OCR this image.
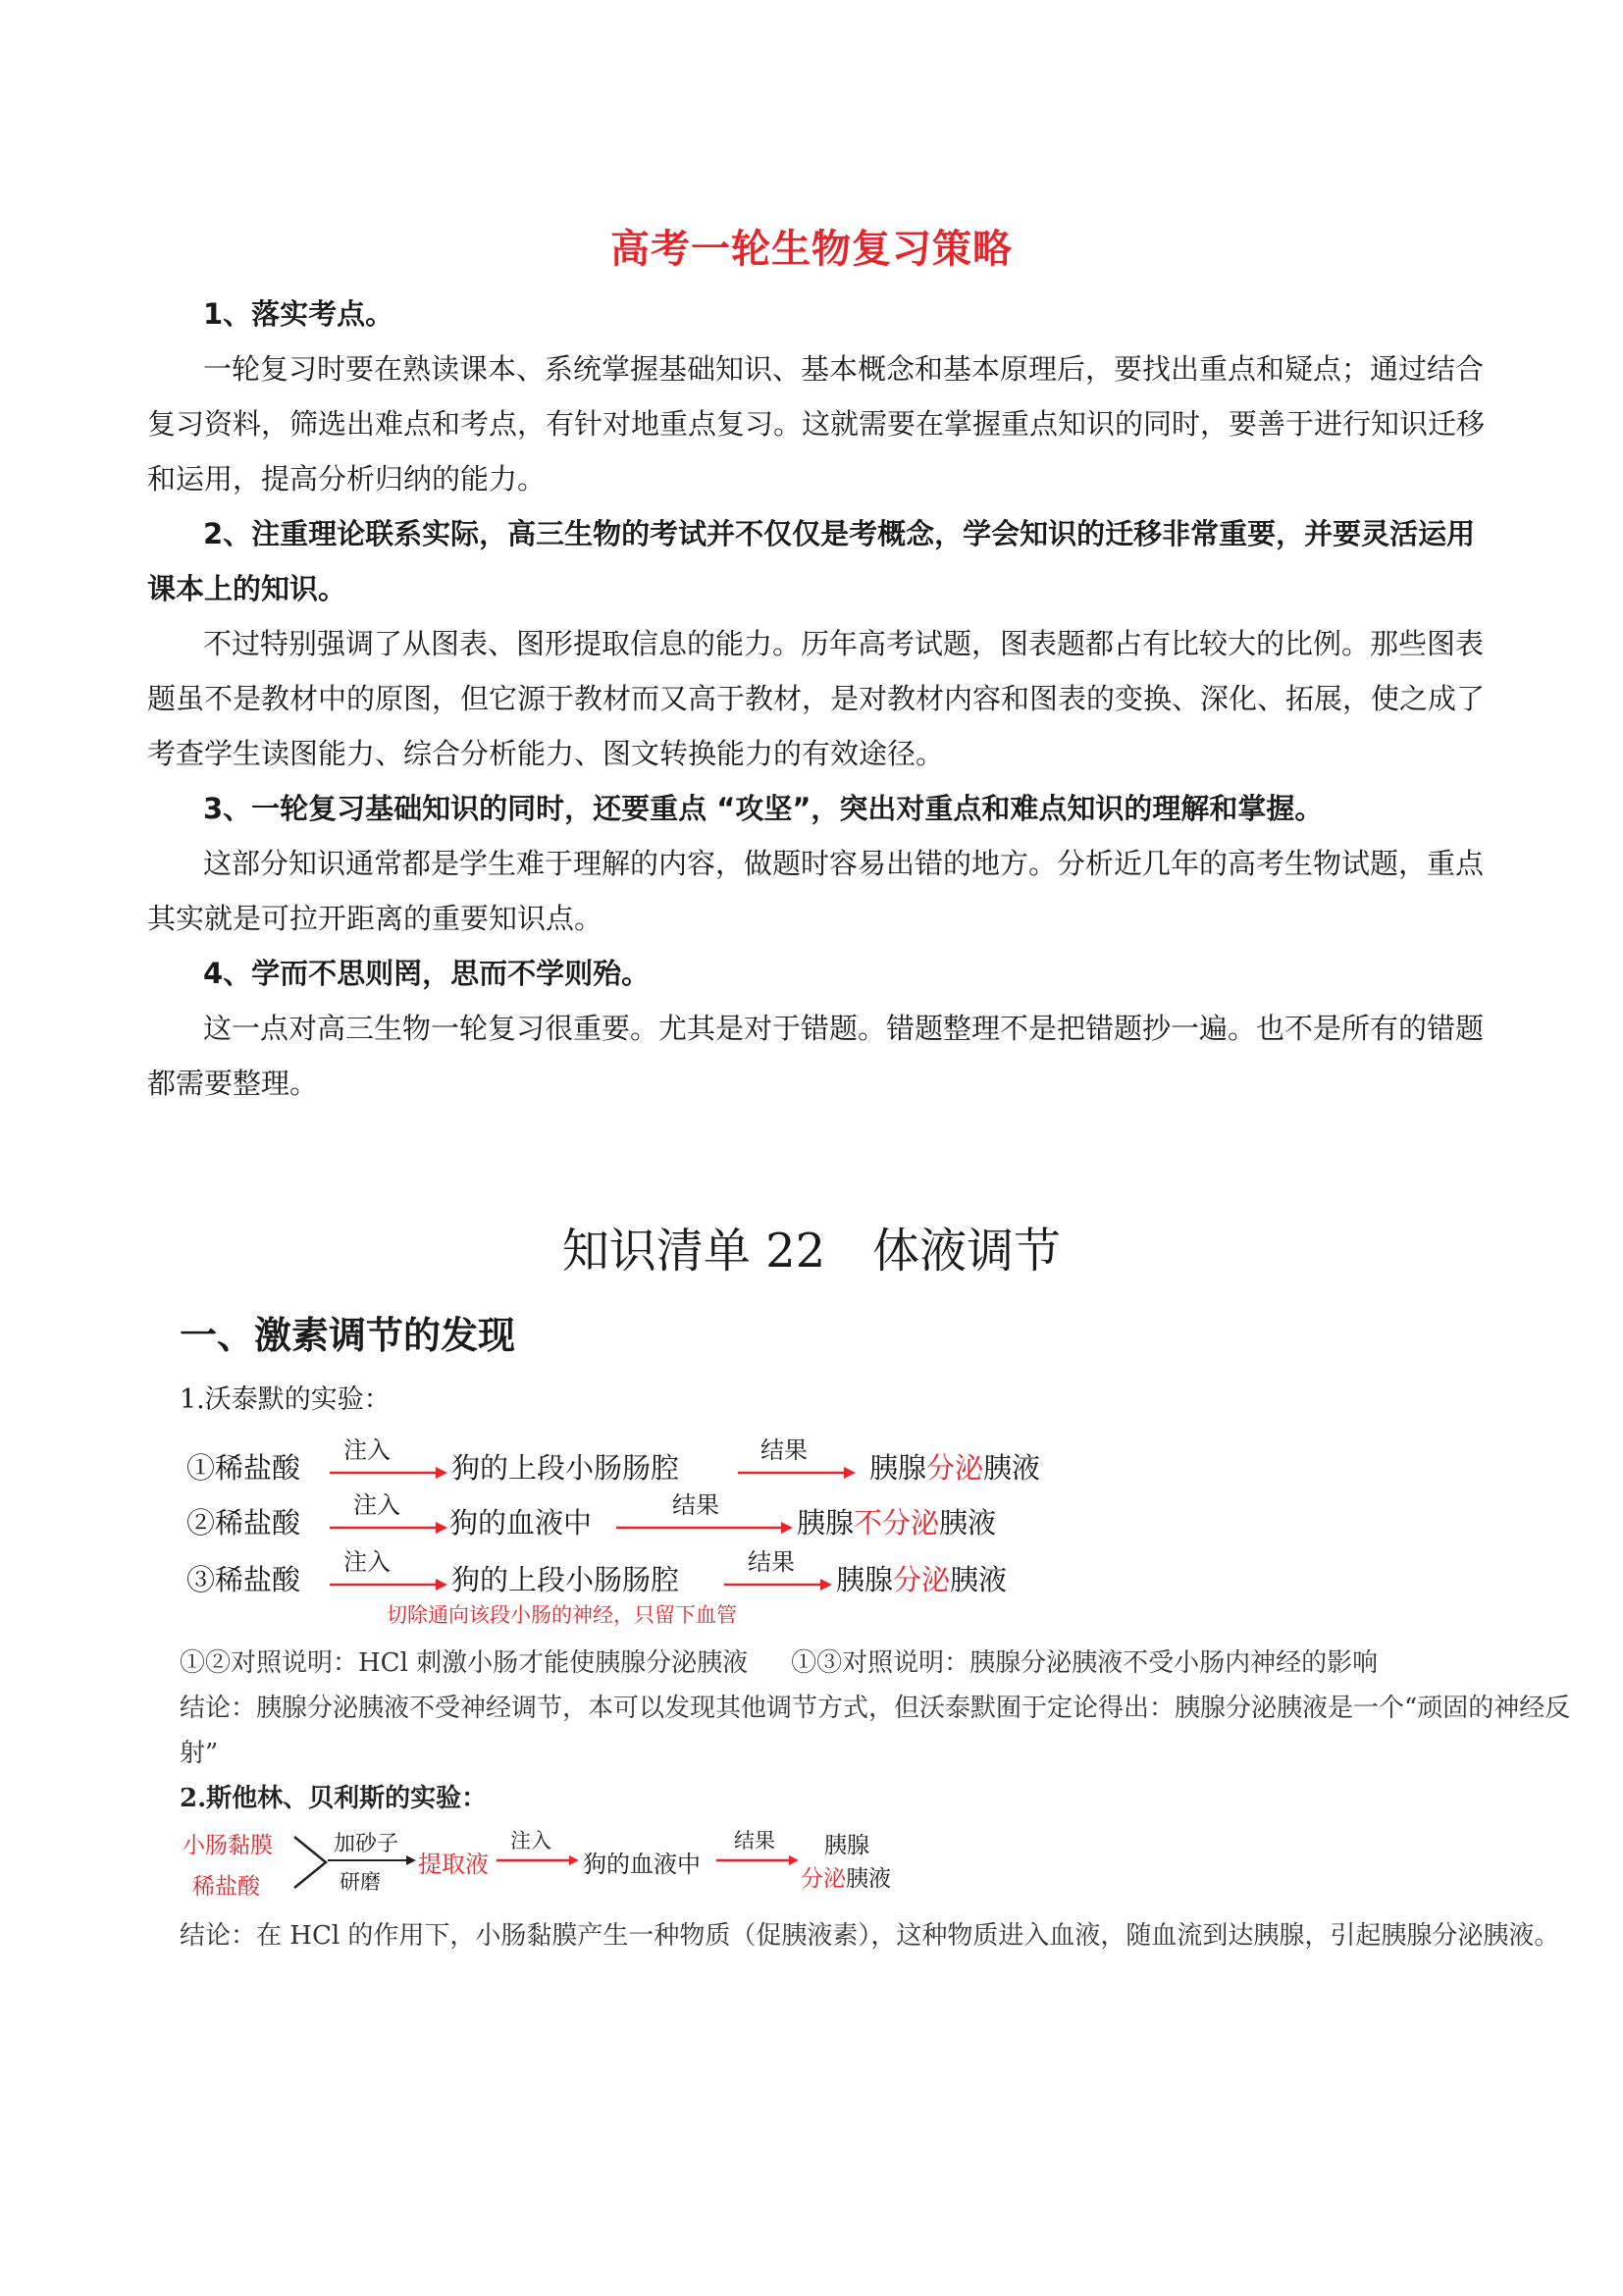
高考一轮生物复习策略
1、落实考点。
一轮复习时要在熟读课本、系统掌握基础知识、基本概念和基本原理后，要找出重点和疑点；通过结合复习资料，筛选出难点和考点，有针对地重点复习。这就需要在掌握重点知识的同时，要善于进行知识迁移和运用，提高分析归纳的能力。
2、注重理论联系实际，高三生物的考试并不仅仅是考概念，学会知识的迁移非常重要，并要灵活运用课本上的知识。
不过特别强调了从图表、图形提取信息的能力。历年高考试题，图表题都占有比较大的比例。那些图表题虽不是教材中的原图，但它源于教材而又高于教材，是对教材内容和图表的变换、深化、拓展，使之成了考查学生读图能力、综合分析能力、图文转换能力的有效途径。
3、一轮复习基础知识的同时，还要重点 “攻坚”，突出对重点和难点知识的理解和掌握。
这部分知识通常都是学生难于理解的内容，做题时容易出错的地方。分析近几年的高考生物试题，重点其实就是可拉开距离的重要知识点。
4、学而不思则罔，思而不学则殆。
这一点对高三生物一轮复习很重要。尤其是对于错题。错题整理不是把错题抄一遍。也不是所有的错题都需要整理。
知识清单 22 体液调节
一、激素调节的发现
1.沃泰默的实验：
①稀盐酸
注入
狗的上段小肠肠腔
结果
胰腺分泌胰液
②稀盐酸
注入
狗的血液中
结果
胰腺不分泌胰液
③稀盐酸
注入
狗的上段小肠肠腔
结果
胰腺分泌胰液
切除通向该段小肠的神经，只留下血管
①②对照说明：HCl 刺激小肠才能使胰腺分泌胰液 ①③对照说明：胰腺分泌胰液不受小肠内神经的影响
结论：胰腺分泌胰液不受神经调节，本可以发现其他调节方式，但沃泰默囿于定论得出：胰腺分泌胰液是一个“顽固的神经反射”
2.斯他林、贝利斯的实验：
小肠黏膜
稀盐酸
加砂子
研磨
提取液
注入
狗的血液中
结果 胰腺
分泌胰液
结论：在 HCl 的作用下，小肠黏膜产生一种物质（促胰液素），这种物质进入血液，随血流到达胰腺，引起胰腺分泌胰液。
